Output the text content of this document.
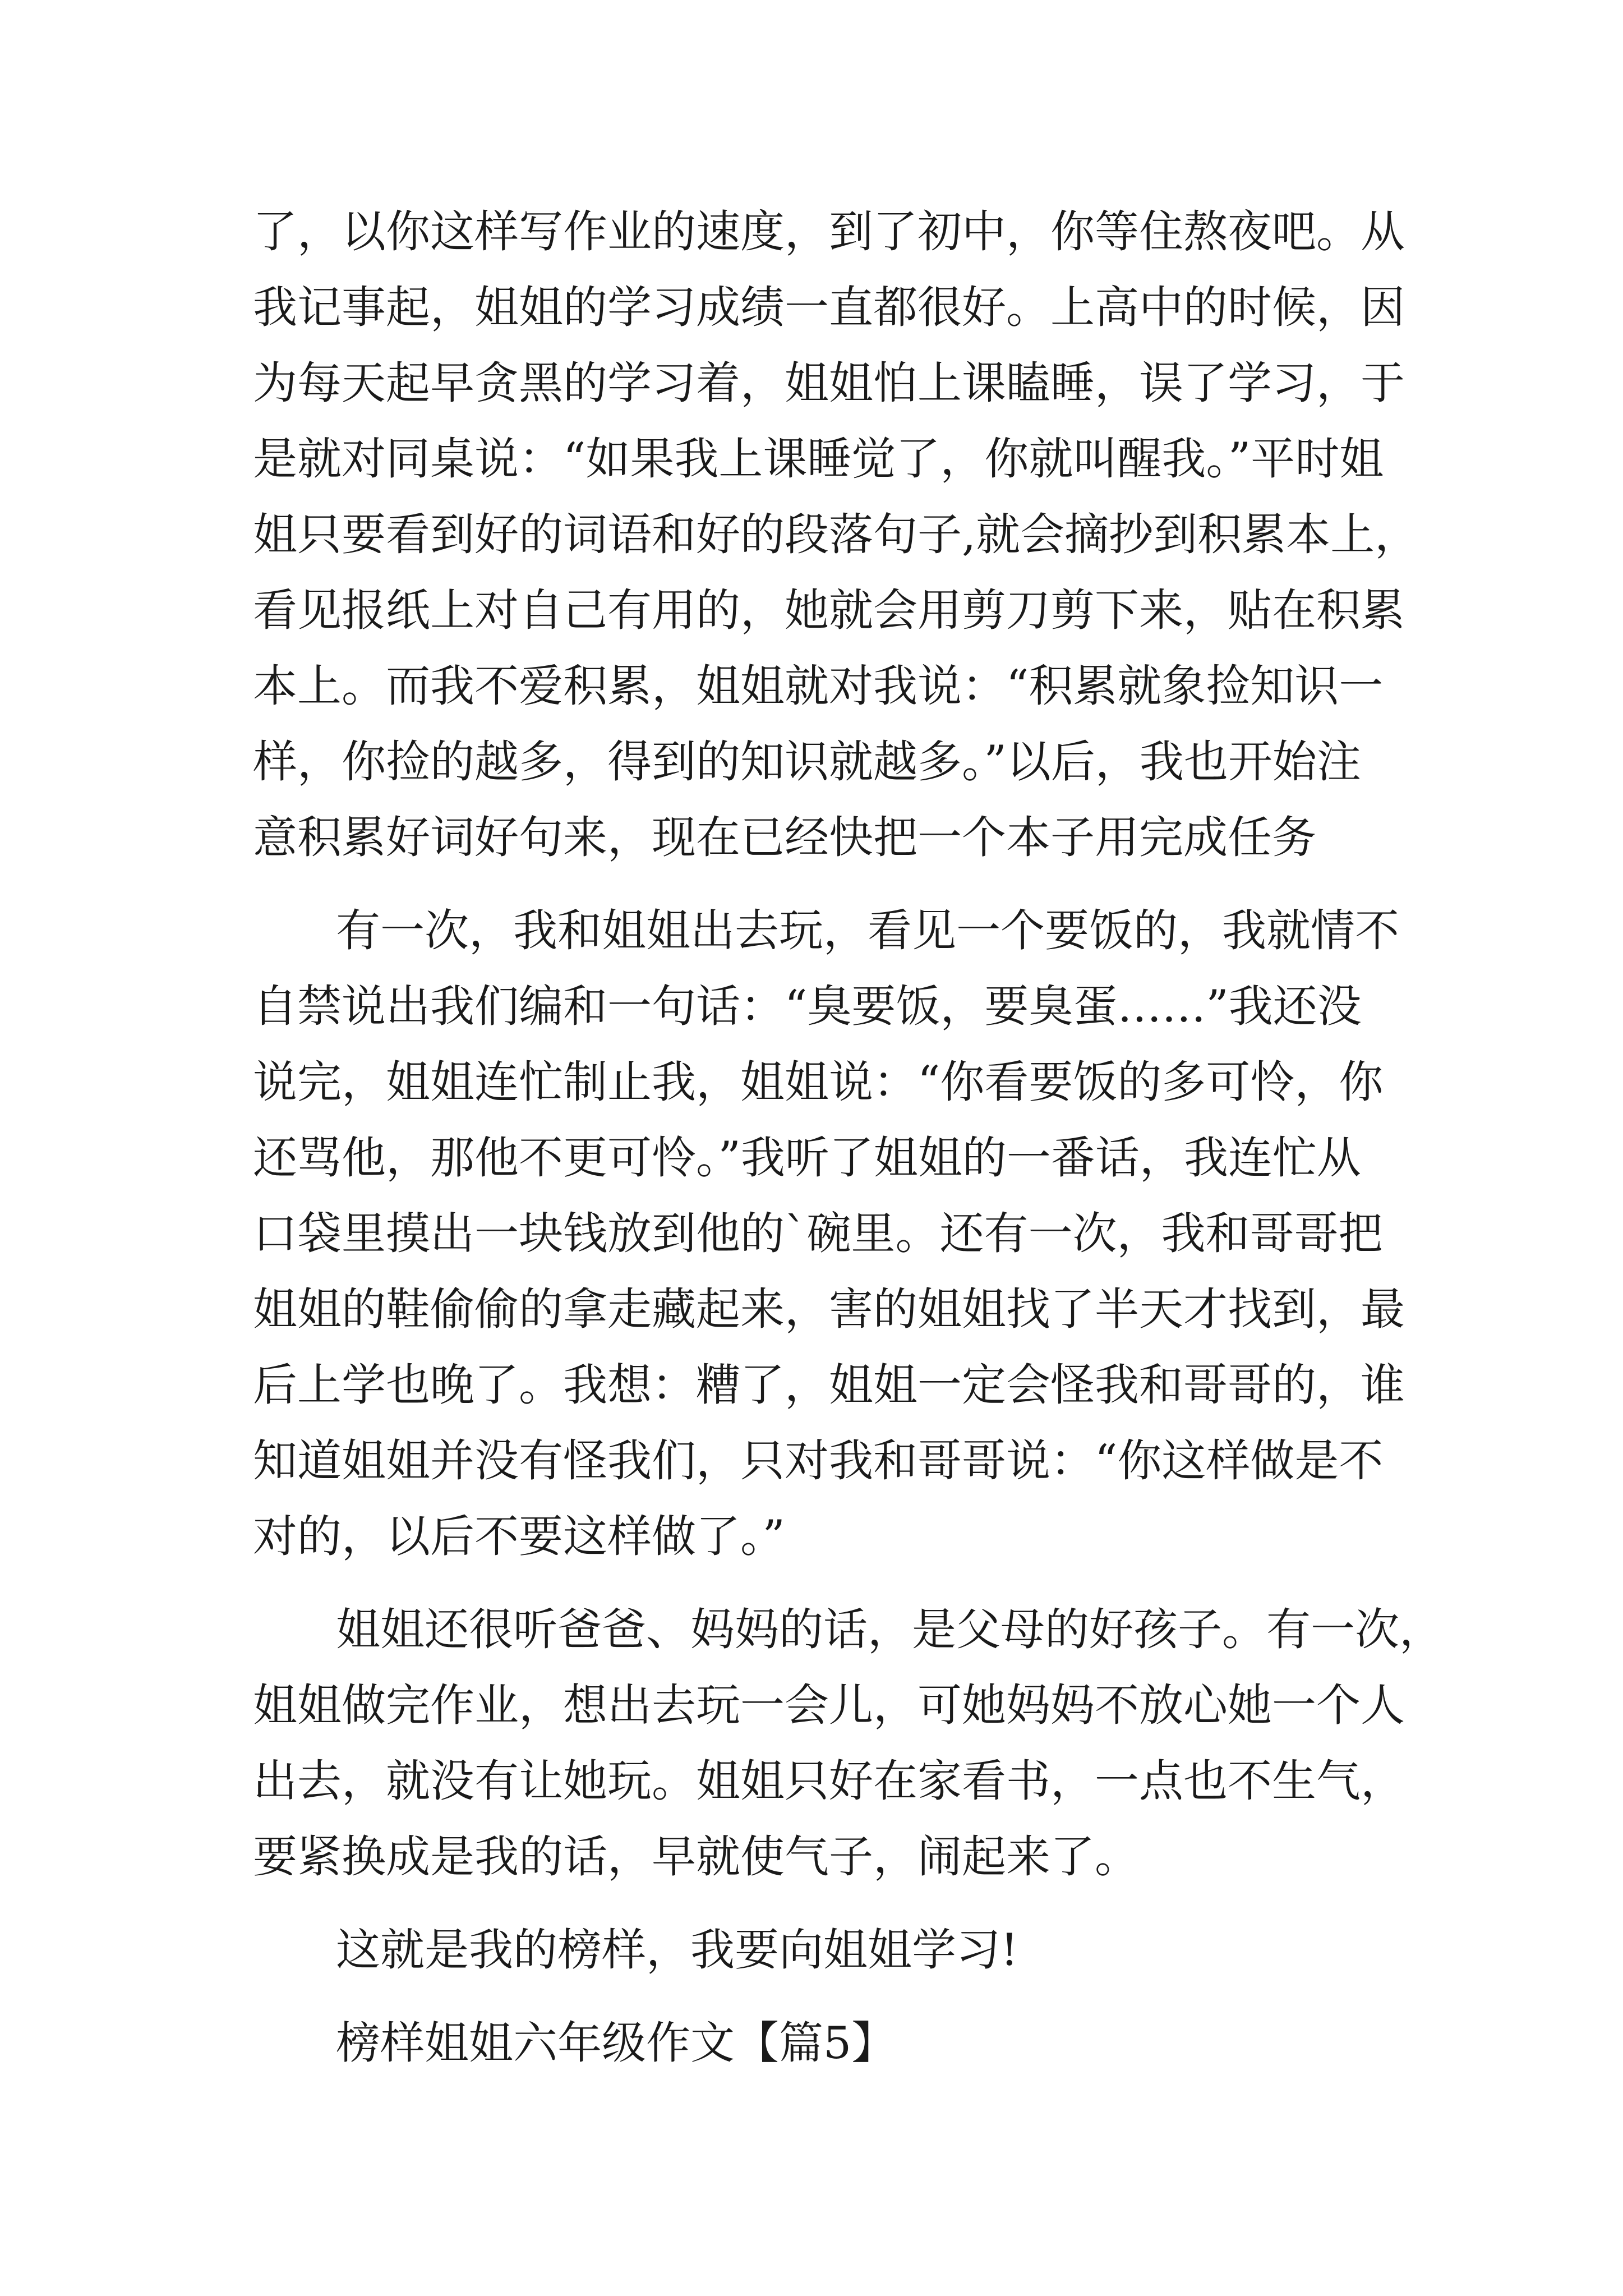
了，以你这样写作业的速度，到了初中，你等住熬夜吧。从
我记事起，姐姐的学习成绩一直都很好。上高中的时候，因
为每天起早贪黑的学习着，姐姐怕上课瞌睡，误了学习，于
是就对同桌说：“如果我上课睡觉了，你就叫醒我。”平时姐
姐只要看到好的词语和好的段落句子,就会摘抄到积累本上，
看见报纸上对自己有用的，她就会用剪刀剪下来，贴在积累
本上。而我不爱积累，姐姐就对我说：“积累就象捡知识一
样，你捡的越多，得到的知识就越多。”以后，我也开始注
意积累好词好句来，现在已经快把一个本子用完成任务
有一次，我和姐姐出去玩，看见一个要饭的，我就情不
自禁说出我们编和一句话：“臭要饭，要臭蛋……”我还没
说完，姐姐连忙制止我，姐姐说：“你看要饭的多可怜，你
还骂他，那他不更可怜。”我听了姐姐的一番话，我连忙从
口袋里摸出一块钱放到他的`碗里。还有一次，我和哥哥把
姐姐的鞋偷偷的拿走藏起来，害的姐姐找了半天才找到，最
后上学也晚了。我想：糟了，姐姐一定会怪我和哥哥的，谁
知道姐姐并没有怪我们，只对我和哥哥说：“你这样做是不
对的，以后不要这样做了。”
姐姐还很听爸爸、妈妈的话，是父母的好孩子。有一次，
姐姐做完作业，想出去玩一会儿，可她妈妈不放心她一个人
出去，就没有让她玩。姐姐只好在家看书，一点也不生气，
要紧换成是我的话，早就使气子，闹起来了。
这就是我的榜样，我要向姐姐学习!
榜样姐姐六年级作文【篇5】
